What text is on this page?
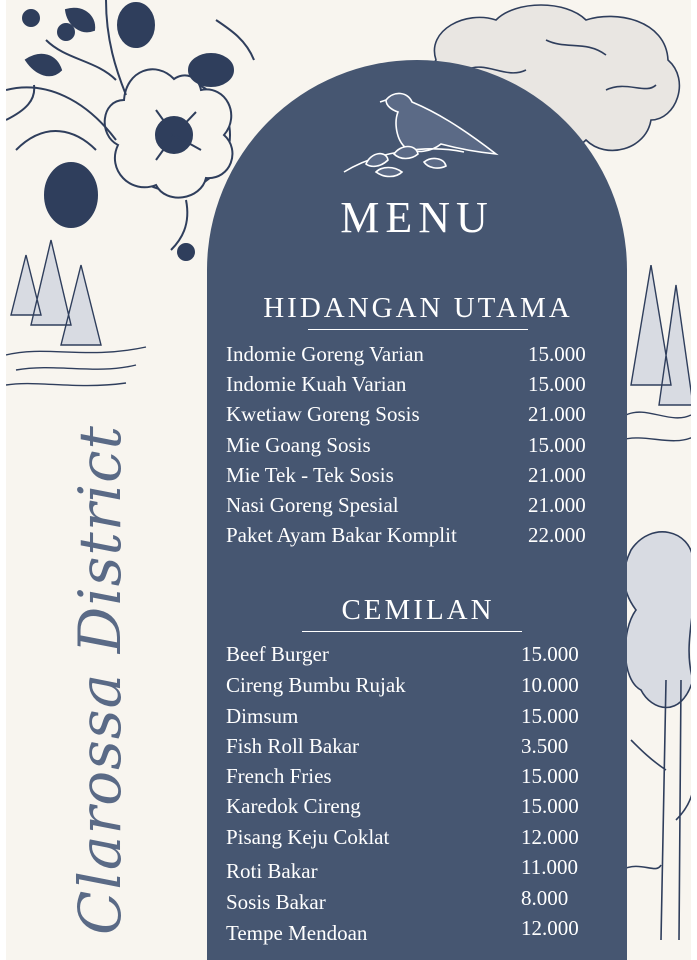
Clarossa District
MENU
HIDANGAN UTAMA
Indomie Goreng Varian	15.000
Indomie Kuah Varian	15.000
Kwetiaw Goreng Sosis	21.000
Mie Goang Sosis	15.000
Mie Tek - Tek Sosis	21.000
Nasi Goreng Spesial	21.000
Paket Ayam Bakar Komplit	22.000
CEMILAN
Beef Burger	15.000
Cireng Bumbu Rujak	10.000
Dimsum	15.000
Fish Roll Bakar	3.500
French Fries	15.000
Karedok Cireng	15.000
Pisang Keju Coklat	12.000
Roti Bakar	11.000
Sosis Bakar	8.000
Tempe Mendoan	12.000
